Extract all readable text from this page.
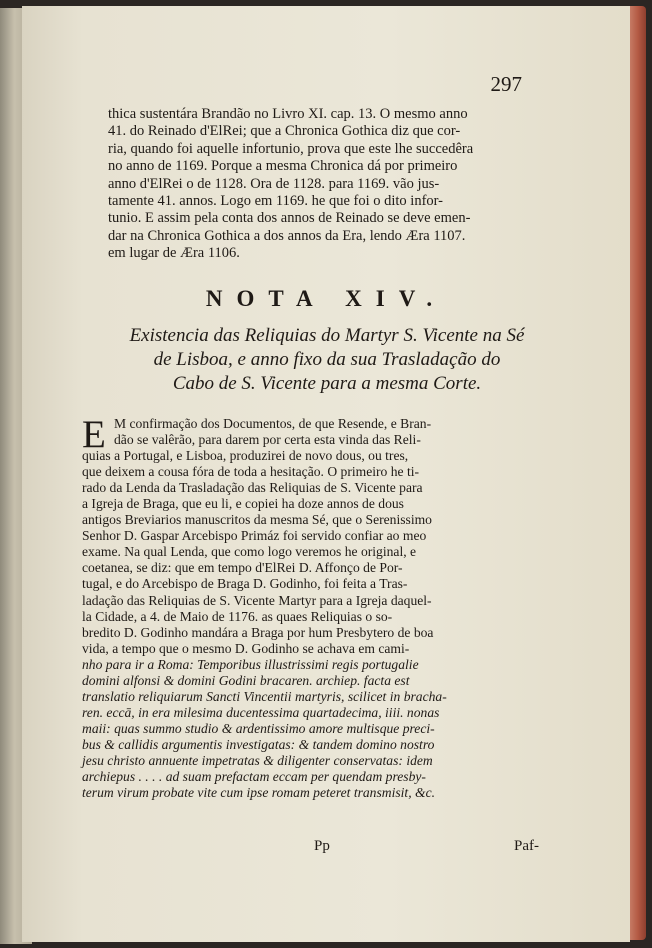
297

thica sustentára Brandão no Livro XI. cap. 13. O mesmo anno
41. do Reinado d'ElRei; que a Chronica Gothica diz que cor-
ria, quando foi aquelle infortunio, prova que este lhe succedêra
no anno de 1169. Porque a mesma Chronica dá por primeiro
anno d'ElRei o de 1128. Ora de 1128. para 1169. vão jus-
tamente 41. annos. Logo em 1169. he que foi o dito infor-
tunio. E assim pela conta dos annos de Reinado se deve emen-
dar na Chronica Gothica a dos annos da Era, lendo Æra 1107.
em lugar de Æra 1106.

NOTA XIV.

Existencia das Reliquias do Martyr S. Vicente na Sé
de Lisboa, e anno fixo da sua Trasladação do
Cabo de S. Vicente para a mesma Corte.

E M confirmação dos Documentos, de que Resende, e Bran-
dão se valêrão, para darem por certa esta vinda das Reli-
quias a Portugal, e Lisboa, produzirei de novo dous, ou tres,
que deixem a cousa fóra de toda a hesitação. O primeiro he ti-
rado da Lenda da Trasladação das Reliquias de S. Vicente para
a Igreja de Braga, que eu li, e copiei ha doze annos de dous
antigos Breviarios manuscritos da mesma Sé, que o Serenissimo
Senhor D. Gaspar Arcebispo Primáz foi servido confiar ao meo
exame. Na qual Lenda, que como logo veremos he original, e
coetanea, se diz: que em tempo d'ElRei D. Affonço de Por-
tugal, e do Arcebispo de Braga D. Godinho, foi feita a Tras-
ladação das Reliquias de S. Vicente Martyr para a Igreja daquel-
la Cidade, a 4. de Maio de 1176. as quaes Reliquias o so-
bredito D. Godinho mandára a Braga por hum Presbytero de boa
vida, a tempo que o mesmo D. Godinho se achava em cami-
nho para ir a Roma: Temporibus illustrissimi regis portugalie
domini alfonsi & domini Godini bracaren. archiep. facta est
translatio reliquiarum Sancti Vincentii martyris, scilicet in bracha-
ren. eccā, in era milesima ducentessima quartadecima, iiii. nonas
maii: quas summo studio & ardentissimo amore multisque preci-
bus & callidis argumentis investigatas: & tandem domino nostro
jesu christo annuente impetratas & diligenter conservatas: idem
archiepus . . . . ad suam prefactam eccam per quendam presby-
terum virum probate vite cum ipse romam peteret transmisit, &c.

Pp	Paf-
